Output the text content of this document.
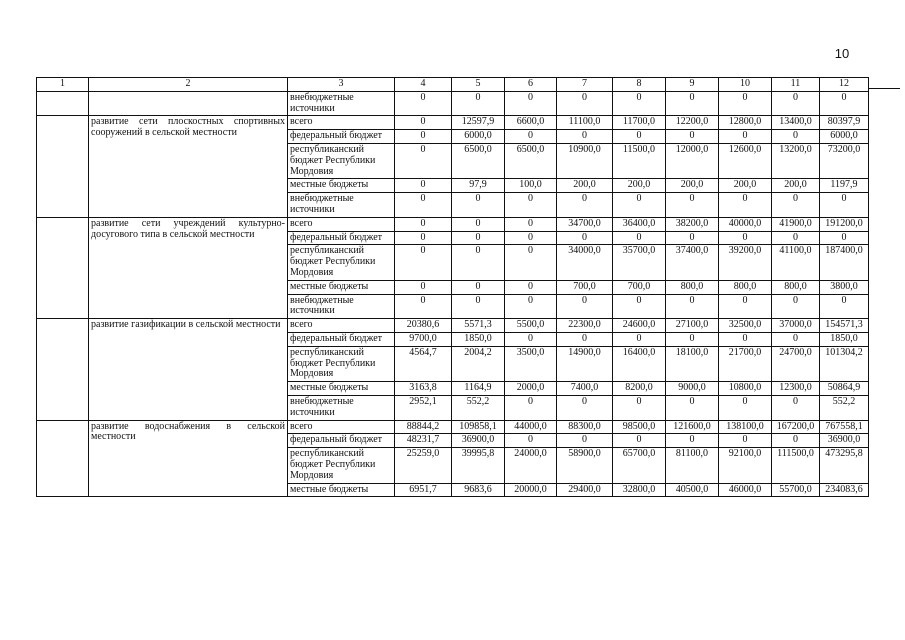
10
1	2	3	4	5	6	7	8	9	10	11	12
		внебюджетные источники	0	0	0	0	0	0	0	0	0
	развитие сети плоскостных спортивных сооружений в сельской местности	всего	0	12597,9	6600,0	11100,0	11700,0	12200,0	12800,0	13400,0	80397,9
		федеральный бюджет	0	6000,0	0	0	0	0	0	0	6000,0
		республиканский бюджет Республики Мордовия	0	6500,0	6500,0	10900,0	11500,0	12000,0	12600,0	13200,0	73200,0
		местные бюджеты	0	97,9	100,0	200,0	200,0	200,0	200,0	200,0	1197,9
		внебюджетные источники	0	0	0	0	0	0	0	0	0
	развитие сети учреждений культурно-досугового типа в сельской местности	всего	0	0	0	34700,0	36400,0	38200,0	40000,0	41900,0	191200,0
		федеральный бюджет	0	0	0	0	0	0	0	0	0
		республиканский бюджет Республики Мордовия	0	0	0	34000,0	35700,0	37400,0	39200,0	41100,0	187400,0
		местные бюджеты	0	0	0	700,0	700,0	800,0	800,0	800,0	3800,0
		внебюджетные источники	0	0	0	0	0	0	0	0	0
	развитие газификации в сельской местности	всего	20380,6	5571,3	5500,0	22300,0	24600,0	27100,0	32500,0	37000,0	154571,3
		федеральный бюджет	9700,0	1850,0	0	0	0	0	0	0	1850,0
		республиканский бюджет Республики Мордовия	4564,7	2004,2	3500,0	14900,0	16400,0	18100,0	21700,0	24700,0	101304,2
		местные бюджеты	3163,8	1164,9	2000,0	7400,0	8200,0	9000,0	10800,0	12300,0	50864,9
		внебюджетные источники	2952,1	552,2	0	0	0	0	0	0	552,2
	развитие водоснабжения в сельской местности	всего	88844,2	109858,1	44000,0	88300,0	98500,0	121600,0	138100,0	167200,0	767558,1
		федеральный бюджет	48231,7	36900,0	0	0	0	0	0	0	36900,0
		республиканский бюджет Республики Мордовия	25259,0	39995,8	24000,0	58900,0	65700,0	81100,0	92100,0	111500,0	473295,8
		местные бюджеты	6951,7	9683,6	20000,0	29400,0	32800,0	40500,0	46000,0	55700,0	234083,6
